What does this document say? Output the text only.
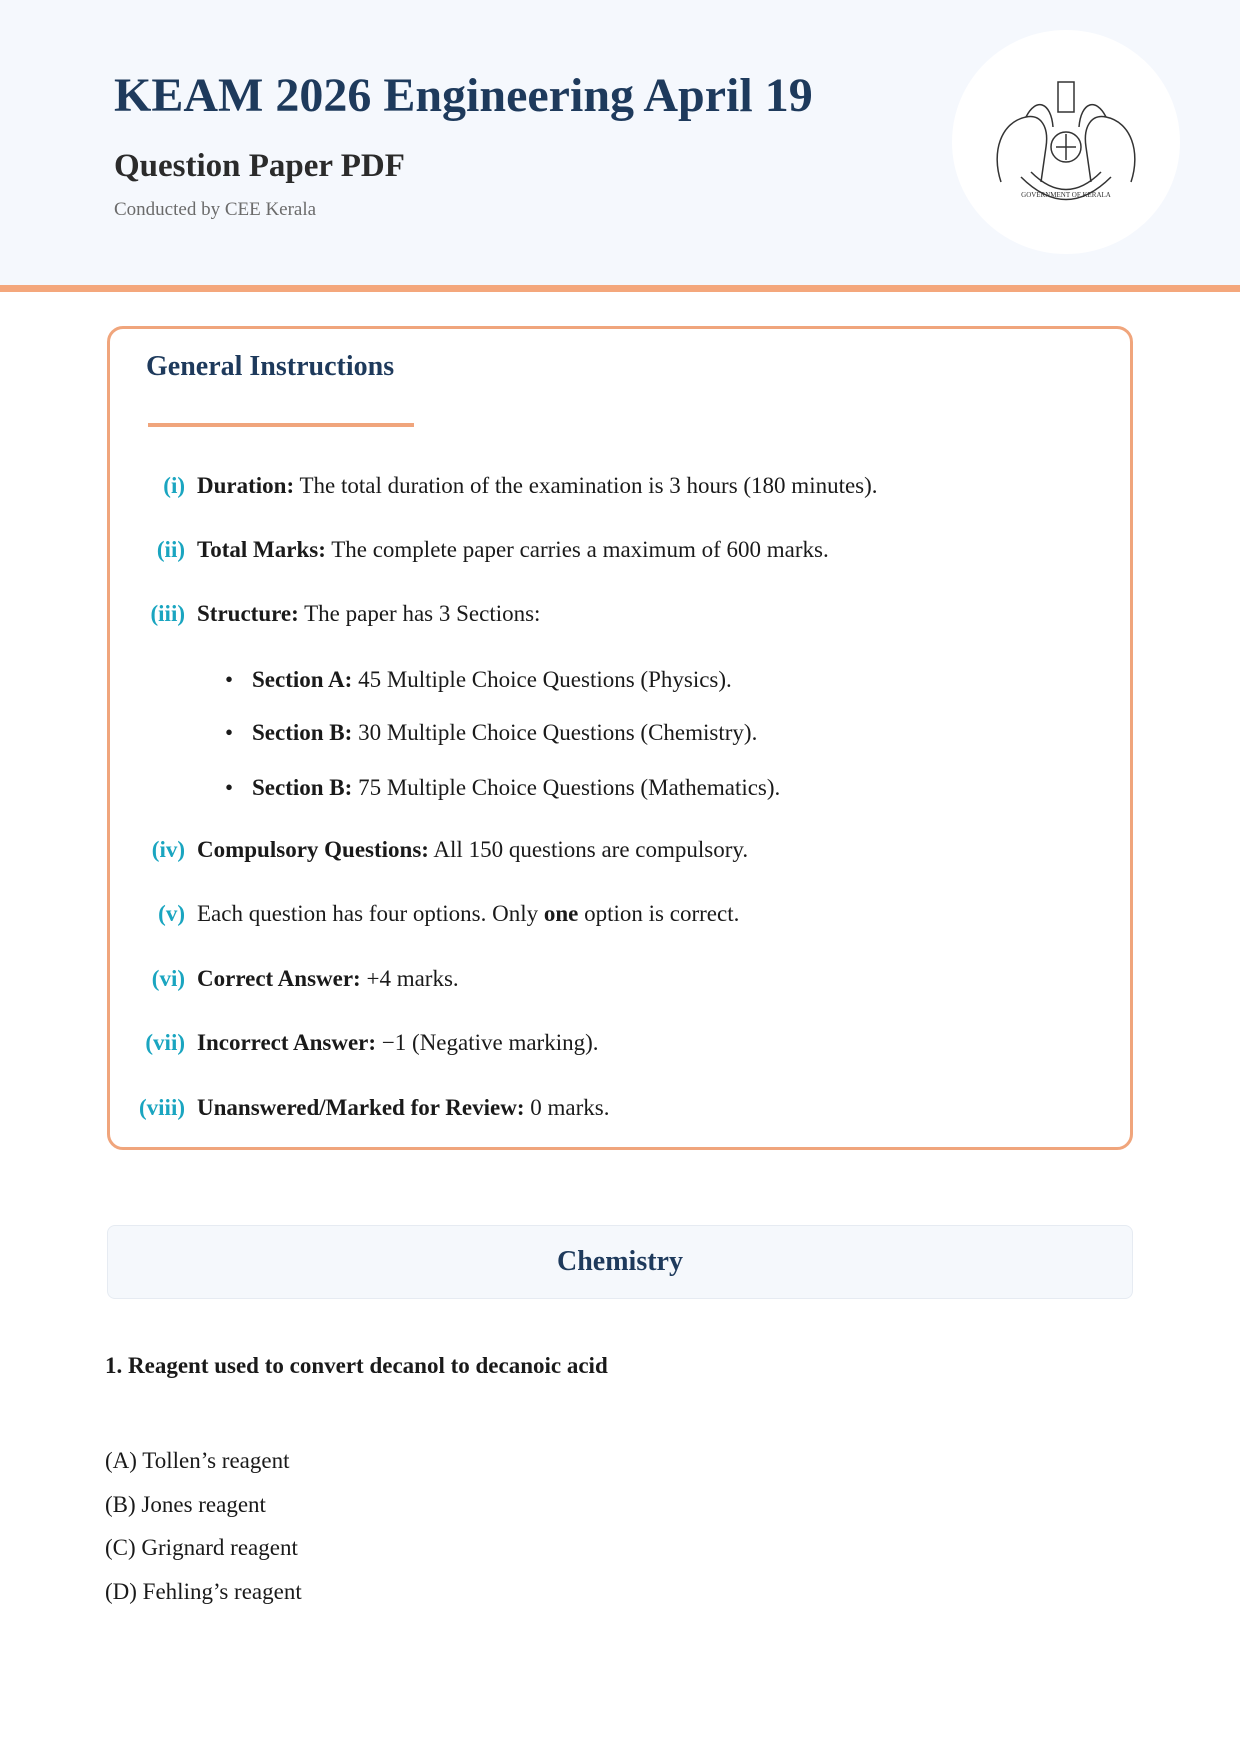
KEAM 2026 Engineering April 19
Question Paper PDF
Conducted by CEE Kerala
GOVERNMENT OF KERALA
General Instructions
(i) Duration: The total duration of the examination is 3 hours (180 minutes).
(ii) Total Marks: The complete paper carries a maximum of 600 marks.
(iii) Structure: The paper has 3 Sections:
(iv) Compulsory Questions: All 150 questions are compulsory.
(v) Each question has four options. Only one option is correct.
(vi) Correct Answer: +4 marks.
(vii) Incorrect Answer: −1 (Negative marking).
(viii) Unanswered/Marked for Review: 0 marks.
• Section A: 45 Multiple Choice Questions (Physics).
• Section B: 30 Multiple Choice Questions (Chemistry).
• Section B: 75 Multiple Choice Questions (Mathematics).
Chemistry
1. Reagent used to convert decanol to decanoic acid
(A) Tollen’s reagent
(B) Jones reagent
(C) Grignard reagent
(D) Fehling’s reagent
